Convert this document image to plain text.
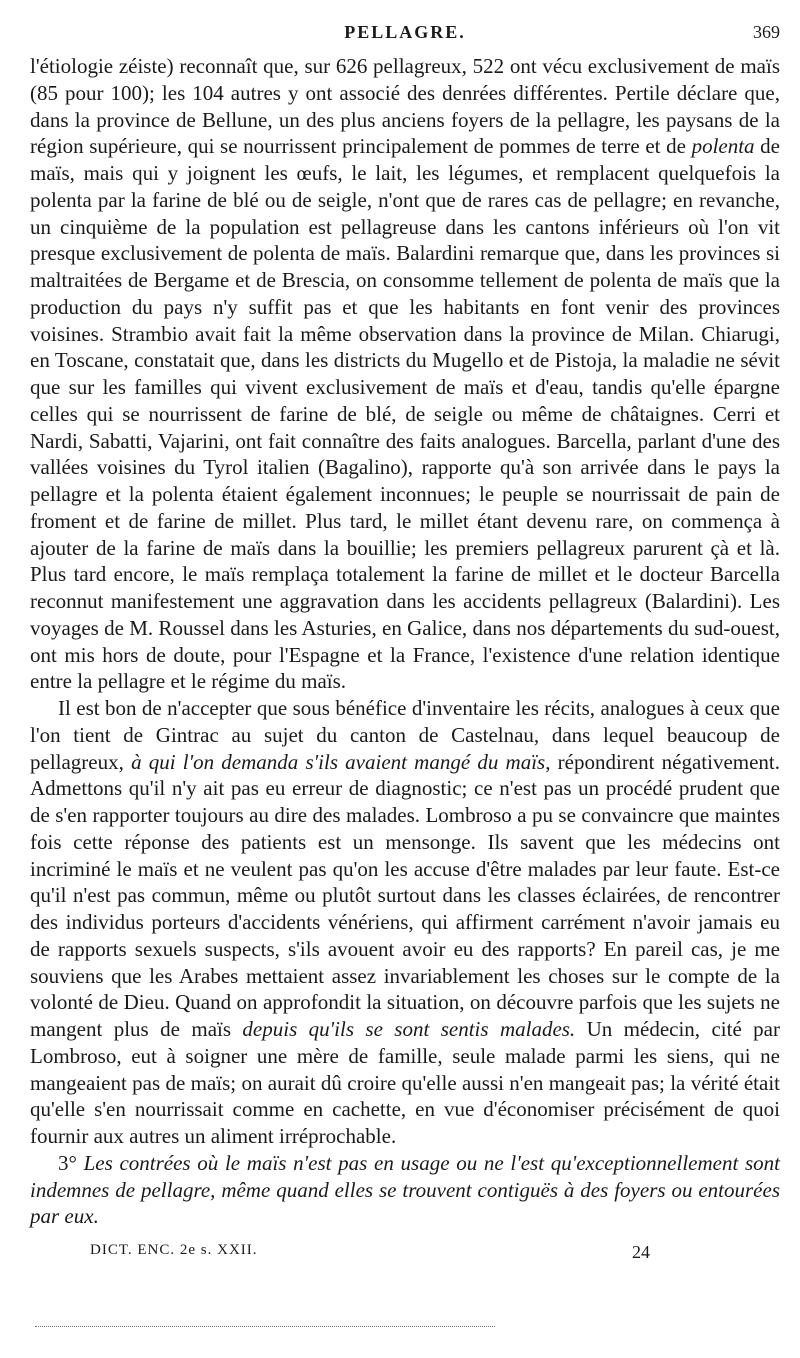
PELLAGRE.	369

l'étiologie zéiste) reconnaît que, sur 626 pellagreux, 522 ont vécu exclusivement de maïs (85 pour 100); les 104 autres y ont associé des denrées différentes. Pertile déclare que, dans la province de Bellune, un des plus anciens foyers de la pellagre, les paysans de la région supérieure, qui se nourrissent principalement de pommes de terre et de polenta de maïs, mais qui y joignent les œufs, le lait, les légumes, et remplacent quelquefois la polenta par la farine de blé ou de seigle, n'ont que de rares cas de pellagre; en revanche, un cinquième de la population est pellagreuse dans les cantons inférieurs où l'on vit presque exclusivement de polenta de maïs. Balardini remarque que, dans les provinces si maltraitées de Bergame et de Brescia, on consomme tellement de polenta de maïs que la production du pays n'y suffit pas et que les habitants en font venir des provinces voisines. Strambio avait fait la même observation dans la province de Milan. Chiarugi, en Toscane, constatait que, dans les districts du Mugello et de Pistoja, la maladie ne sévit que sur les familles qui vivent exclusivement de maïs et d'eau, tandis qu'elle épargne celles qui se nourrissent de farine de blé, de seigle ou même de châtaignes. Cerri et Nardi, Sabatti, Vajarini, ont fait connaître des faits analogues. Barcella, parlant d'une des vallées voisines du Tyrol italien (Bagalino), rapporte qu'à son arrivée dans le pays la pellagre et la polenta étaient également inconnues; le peuple se nourrissait de pain de froment et de farine de millet. Plus tard, le millet étant devenu rare, on commença à ajouter de la farine de maïs dans la bouillie; les premiers pellagreux parurent çà et là. Plus tard encore, le maïs remplaça totalement la farine de millet et le docteur Barcella reconnut manifestement une aggravation dans les accidents pellagreux (Balardini). Les voyages de M. Roussel dans les Asturies, en Galice, dans nos départements du sud-ouest, ont mis hors de doute, pour l'Espagne et la France, l'existence d'une relation identique entre la pellagre et le régime du maïs.

Il est bon de n'accepter que sous bénéfice d'inventaire les récits, analogues à ceux que l'on tient de Gintrac au sujet du canton de Castelnau, dans lequel beaucoup de pellagreux, à qui l'on demanda s'ils avaient mangé du maïs, répondirent négativement. Admettons qu'il n'y ait pas eu erreur de diagnostic; ce n'est pas un procédé prudent que de s'en rapporter toujours au dire des malades. Lombroso a pu se convaincre que maintes fois cette réponse des patients est un mensonge. Ils savent que les médecins ont incriminé le maïs et ne veulent pas qu'on les accuse d'être malades par leur faute. Est-ce qu'il n'est pas commun, même ou plutôt surtout dans les classes éclairées, de rencontrer des individus porteurs d'accidents vénériens, qui affirment carrément n'avoir jamais eu de rapports sexuels suspects, s'ils avouent avoir eu des rapports? En pareil cas, je me souviens que les Arabes mettaient assez invariablement les choses sur le compte de la volonté de Dieu. Quand on approfondit la situation, on découvre parfois que les sujets ne mangent plus de maïs depuis qu'ils se sont sentis malades. Un médecin, cité par Lombroso, eut à soigner une mère de famille, seule malade parmi les siens, qui ne mangeaient pas de maïs; on aurait dû croire qu'elle aussi n'en mangeait pas; la vérité était qu'elle s'en nourrissait comme en cachette, en vue d'économiser précisément de quoi fournir aux autres un aliment irréprochable.

3° Les contrées où le maïs n'est pas en usage ou ne l'est qu'exceptionnellement sont indemnes de pellagre, même quand elles se trouvent contiguës à des foyers ou entourées par eux.

DICT. ENC. 2e s. XXII.	24
